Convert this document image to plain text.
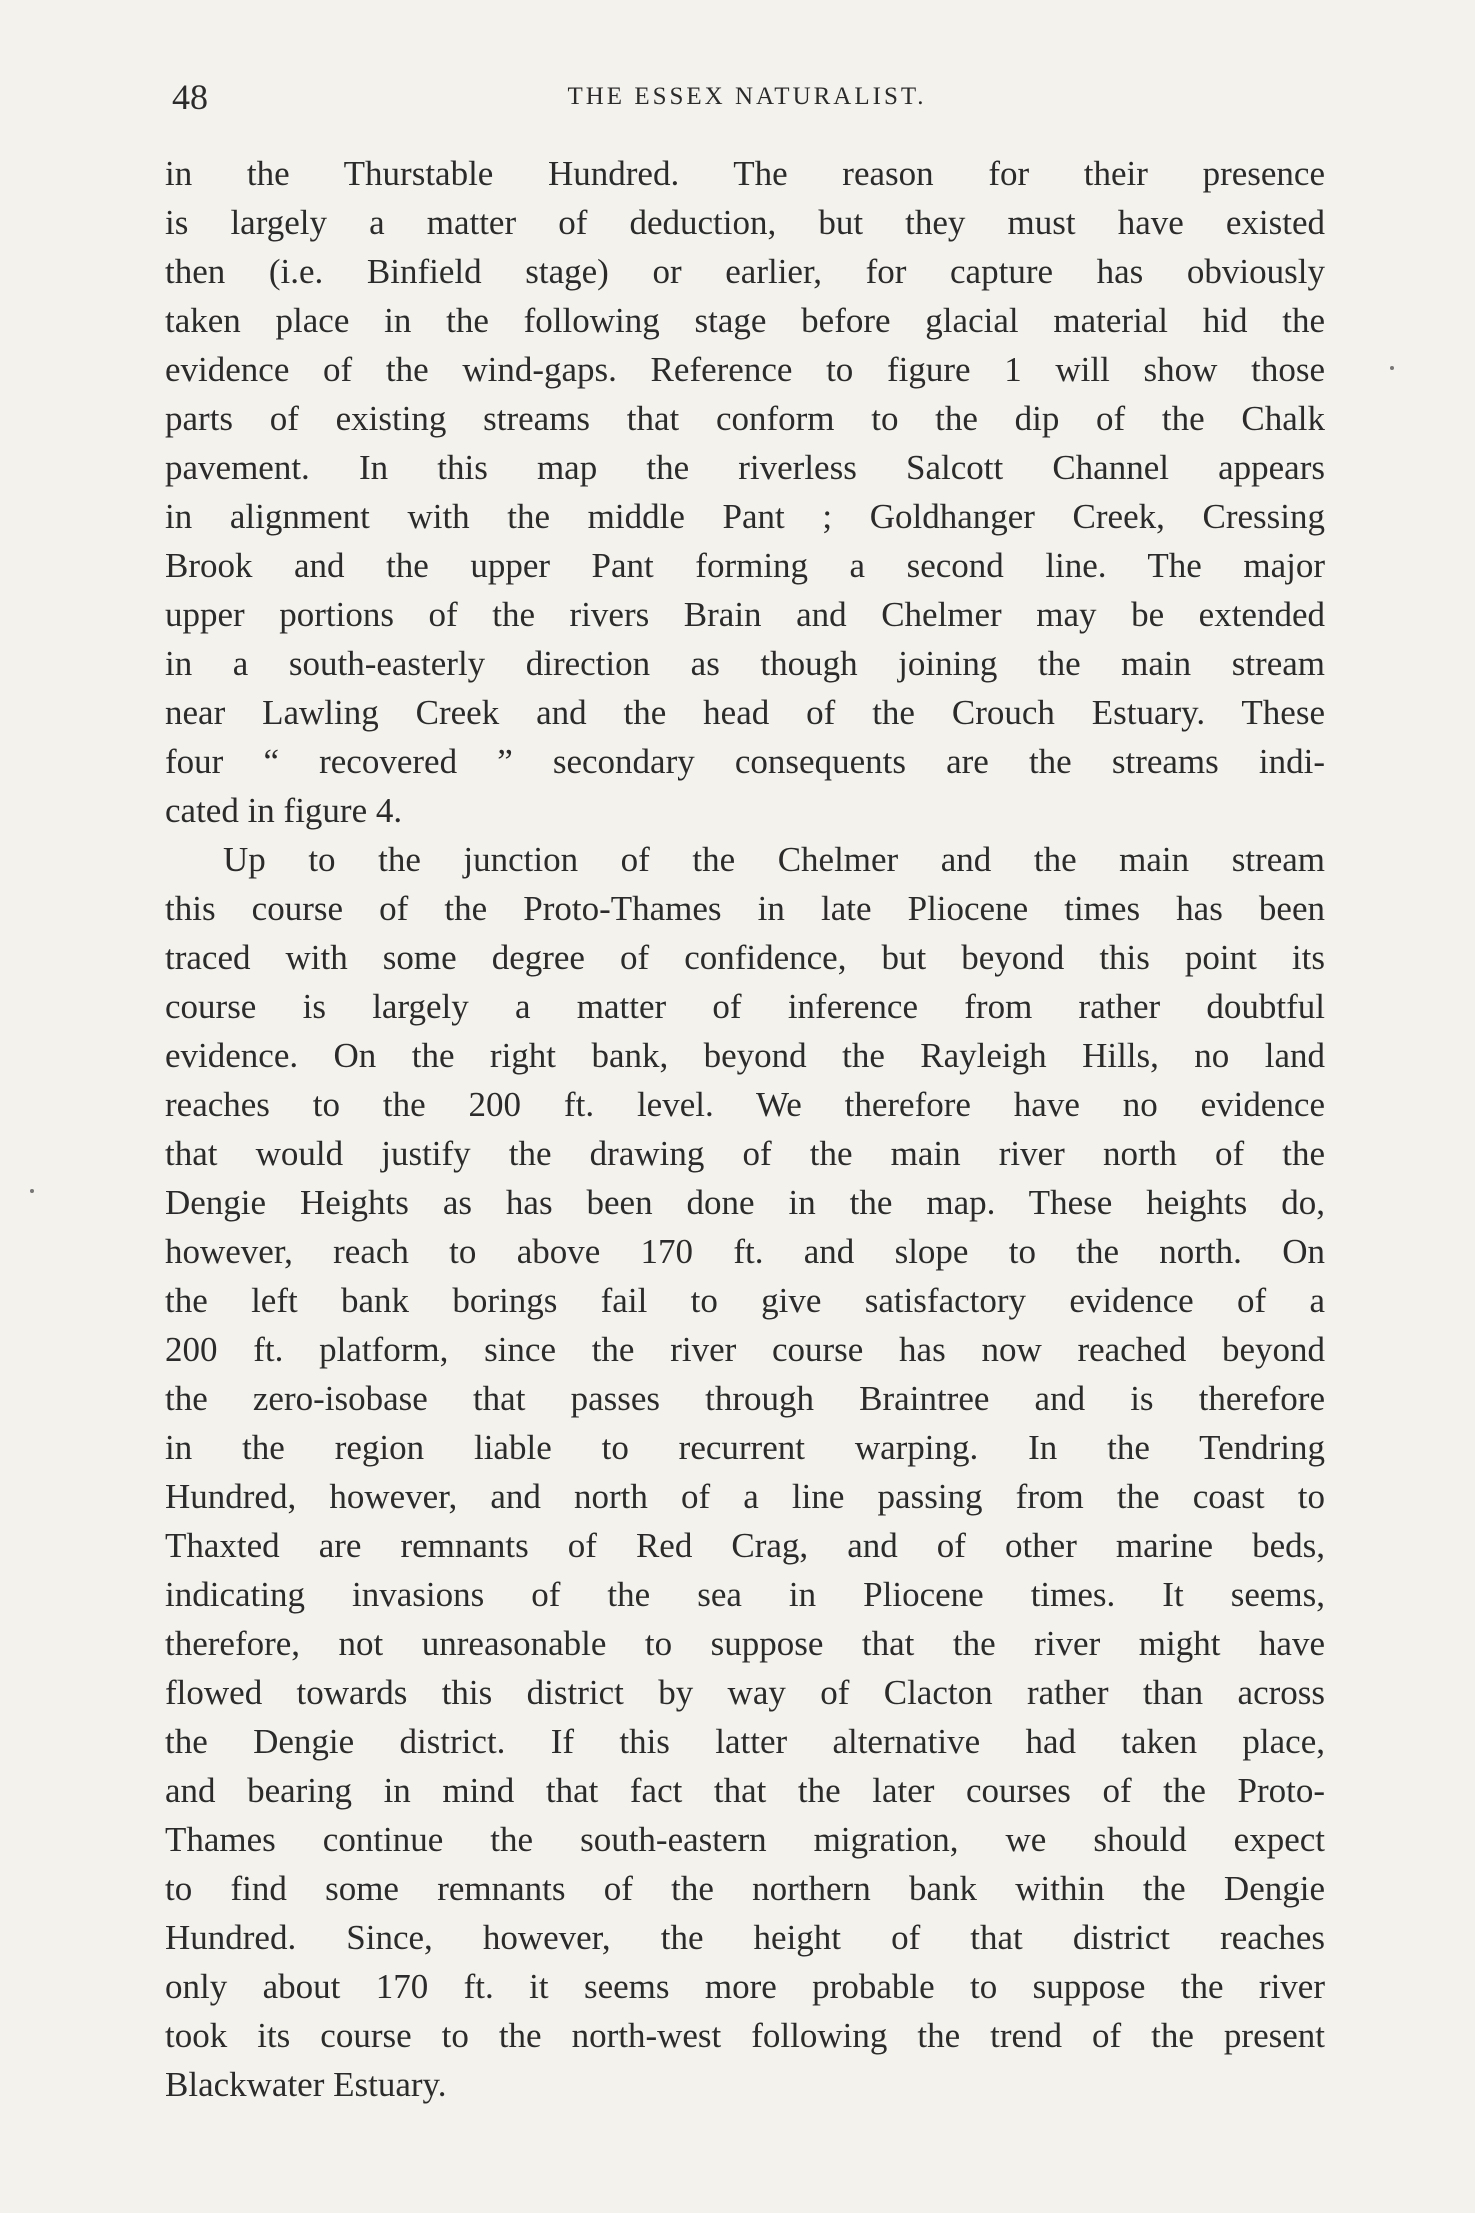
48	THE ESSEX NATURALIST.
in the Thurstable Hundred. The reason for their presence
is largely a matter of deduction, but they must have existed
then (i.e. Binfield stage) or earlier, for capture has obviously
taken place in the following stage before glacial material hid the
evidence of the wind-gaps. Reference to figure 1 will show those
parts of existing streams that conform to the dip of the Chalk
pavement. In this map the riverless Salcott Channel appears
in alignment with the middle Pant ; Goldhanger Creek, Cressing
Brook and the upper Pant forming a second line. The major
upper portions of the rivers Brain and Chelmer may be extended
in a south-easterly direction as though joining the main stream
near Lawling Creek and the head of the Crouch Estuary. These
four “ recovered ” secondary consequents are the streams indi-
cated in figure 4.
Up to the junction of the Chelmer and the main stream
this course of the Proto-Thames in late Pliocene times has been
traced with some degree of confidence, but beyond this point its
course is largely a matter of inference from rather doubtful
evidence. On the right bank, beyond the Rayleigh Hills, no land
reaches to the 200 ft. level. We therefore have no evidence
that would justify the drawing of the main river north of the
Dengie Heights as has been done in the map. These heights do,
however, reach to above 170 ft. and slope to the north. On
the left bank borings fail to give satisfactory evidence of a
200 ft. platform, since the river course has now reached beyond
the zero-isobase that passes through Braintree and is therefore
in the region liable to recurrent warping. In the Tendring
Hundred, however, and north of a line passing from the coast to
Thaxted are remnants of Red Crag, and of other marine beds,
indicating invasions of the sea in Pliocene times. It seems,
therefore, not unreasonable to suppose that the river might have
flowed towards this district by way of Clacton rather than across
the Dengie district. If this latter alternative had taken place,
and bearing in mind that fact that the later courses of the Proto-
Thames continue the south-eastern migration, we should expect
to find some remnants of the northern bank within the Dengie
Hundred. Since, however, the height of that district reaches
only about 170 ft. it seems more probable to suppose the river
took its course to the north-west following the trend of the present
Blackwater Estuary.
